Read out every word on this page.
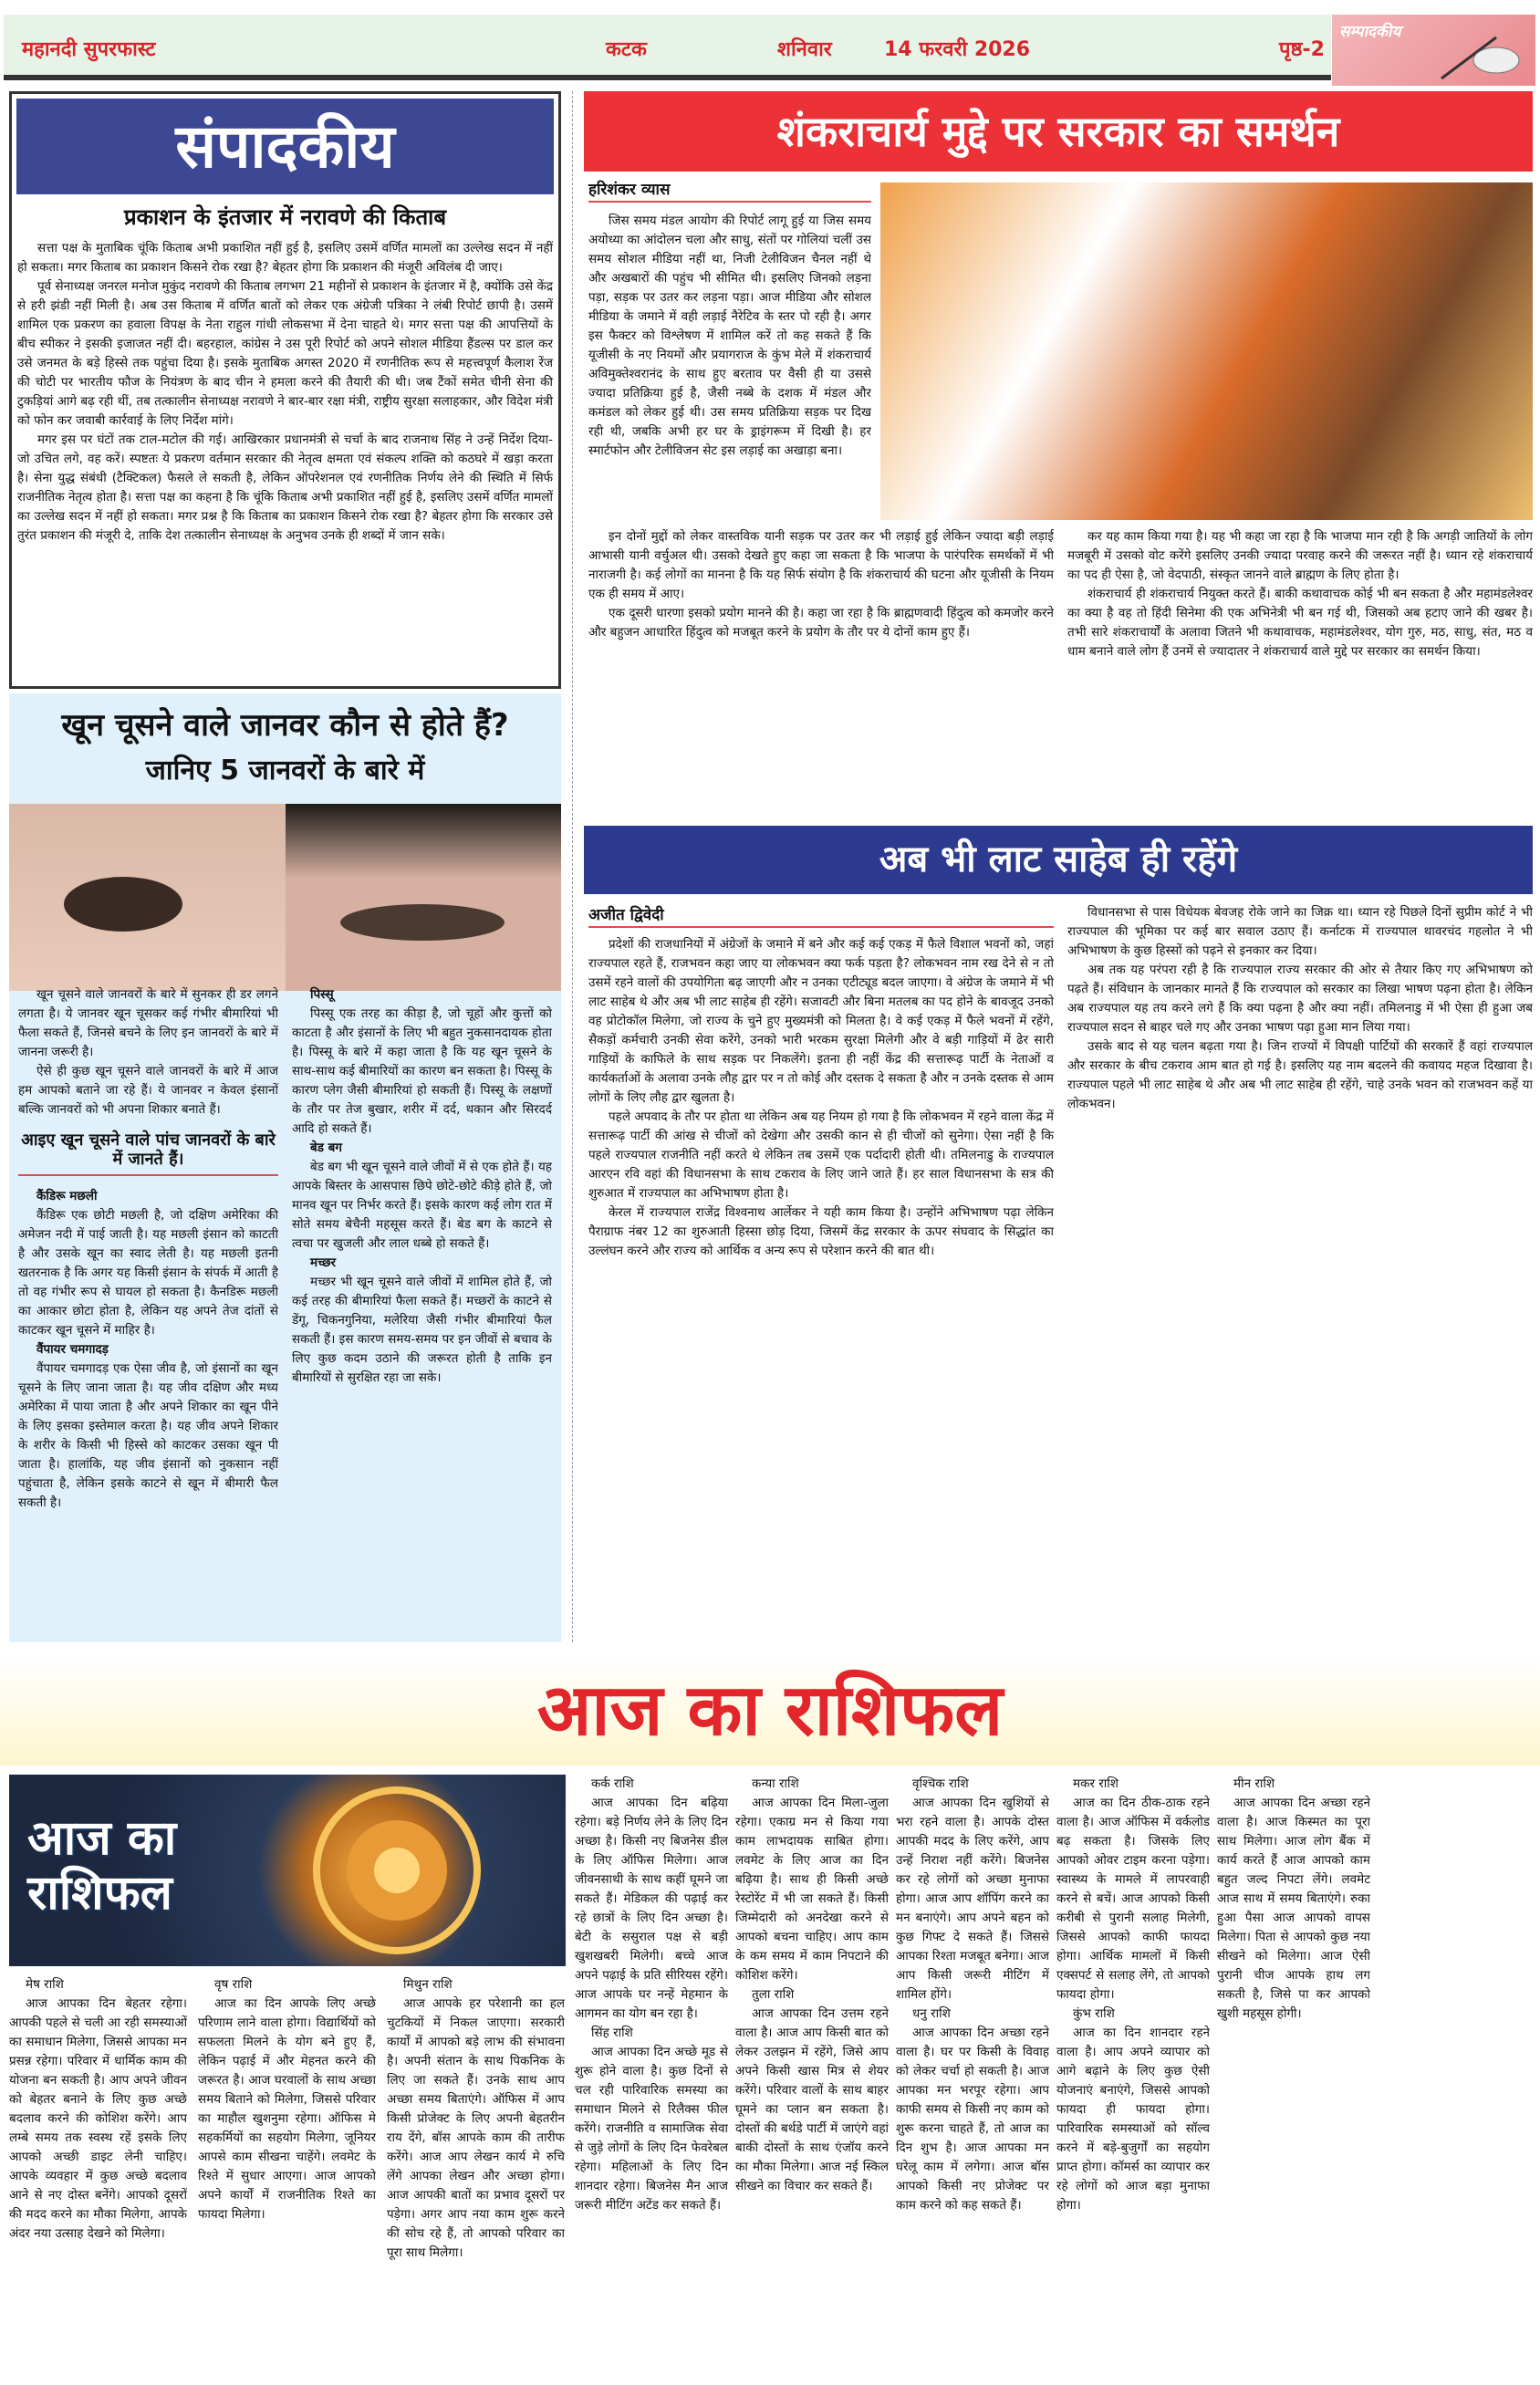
महानदी सुपरफास्ट	कटक	शनिवार	14 फरवरी 2026	पृष्ठ-2
सम्पादकीय
संपादकीय
प्रकाशन के इंतजार में नरावणे की किताब

सत्ता पक्ष के मुताबिक चूंकि किताब अभी प्रकाशित नहीं हुई है, इसलिए उसमें वर्णित मामलों का उल्लेख सदन में नहीं हो सकता। मगर किताब का प्रकाशन किसने रोक रखा है? बेहतर होगा कि प्रकाशन की मंजूरी अविलंब दी जाए।

पूर्व सेनाध्यक्ष जनरल मनोज मुकुंद नरावणे की किताब लगभग 21 महीनों से प्रकाशन के इंतजार में है, क्योंकि उसे केंद्र से हरी झंडी नहीं मिली है। अब उस किताब में वर्णित बातों को लेकर एक अंग्रेजी पत्रिका ने लंबी रिपोर्ट छापी है। उसमें शामिल एक प्रकरण का हवाला विपक्ष के नेता राहुल गांधी लोकसभा में देना चाहते थे। मगर सत्ता पक्ष की आपत्तियों के बीच स्पीकर ने इसकी इजाजत नहीं दी। बहरहाल, कांग्रेस ने उस पूरी रिपोर्ट को अपने सोशल मीडिया हैंडल्स पर डाल कर उसे जनमत के बड़े हिस्से तक पहुंचा दिया है। इसके मुताबिक अगस्त 2020 में रणनीतिक रूप से महत्त्वपूर्ण कैलाश रेंज की चोटी पर भारतीय फौज के नियंत्रण के बाद चीन ने हमला करने की तैयारी की थी। जब टैंकों समेत चीनी सेना की टुकड़ियां आगे बढ़ रही थीं, तब तत्कालीन सेनाध्यक्ष नरावणे ने बार-बार रक्षा मंत्री, राष्ट्रीय सुरक्षा सलाहकार, और विदेश मंत्री को फोन कर जवाबी कार्रवाई के लिए निर्देश मांगे।

मगर इस पर घंटों तक टाल-मटोल की गई। आखिरकार प्रधानमंत्री से चर्चा के बाद राजनाथ सिंह ने उन्हें निर्देश दिया- जो उचित लगे, वह करें। स्पष्टतः ये प्रकरण वर्तमान सरकार की नेतृत्व क्षमता एवं संकल्प शक्ति को कठघरे में खड़ा करता है। सेना युद्ध संबंधी (टैक्टिकल) फैसले ले सकती है, लेकिन ऑपरेशनल एवं रणनीतिक निर्णय लेने की स्थिति में सिर्फ राजनीतिक नेतृत्व होता है। सत्ता पक्ष का कहना है कि चूंकि किताब अभी प्रकाशित नहीं हुई है, इसलिए उसमें वर्णित मामलों का उल्लेख सदन में नहीं हो सकता। मगर प्रश्न है कि किताब का प्रकाशन किसने रोक रखा है? बेहतर होगा कि सरकार उसे तुरंत प्रकाशन की मंजूरी दे, ताकि देश तत्कालीन सेनाध्यक्ष के अनुभव उनके ही शब्दों में जान सके।

खून चूसने वाले जानवर कौन से होते हैं?
जानिए 5 जानवरों के बारे में

खून चूसने वाले जानवरों के बारे में सुनकर ही डर लगने लगता है। ये जानवर खून चूसकर कई गंभीर बीमारियां भी फैला सकते हैं, जिनसे बचने के लिए इन जानवरों के बारे में जानना जरूरी है।

ऐसे ही कुछ खून चूसने वाले जानवरों के बारे में आज हम आपको बताने जा रहे हैं। ये जानवर न केवल इंसानों बल्कि जानवरों को भी अपना शिकार बनाते हैं।

आइए खून चूसने वाले पांच जानवरों के बारे में जानते हैं।
कैंडिरू मछली

कैंडिरू एक छोटी मछली है, जो दक्षिण अमेरिका की अमेजन नदी में पाई जाती है। यह मछली इंसान को काटती है और उसके खून का स्वाद लेती है। यह मछली इतनी खतरनाक है कि अगर यह किसी इंसान के संपर्क में आती है तो वह गंभीर रूप से घायल हो सकता है। कैनडिरू मछली का आकार छोटा होता है, लेकिन यह अपने तेज दांतों से काटकर खून चूसने में माहिर है।

वैंपायर चमगादड़

वैंपायर चमगादड़ एक ऐसा जीव है, जो इंसानों का खून चूसने के लिए जाना जाता है। यह जीव दक्षिण और मध्य अमेरिका में पाया जाता है और अपने शिकार का खून पीने के लिए इसका इस्तेमाल करता है। यह जीव अपने शिकार के शरीर के किसी भी हिस्से को काटकर उसका खून पी जाता है। हालांकि, यह जीव इंसानों को नुकसान नहीं पहुंचाता है, लेकिन इसके काटने से खून में बीमारी फैल सकती है।

पिस्सू

पिस्सू एक तरह का कीड़ा है, जो चूहों और कुत्तों को काटता है और इंसानों के लिए भी बहुत नुकसानदायक होता है। पिस्सू के बारे में कहा जाता है कि यह खून चूसने के साथ-साथ कई बीमारियों का कारण बन सकता है। पिस्सू के कारण प्लेग जैसी बीमारियां हो सकती हैं। पिस्सू के लक्षणों के तौर पर तेज बुखार, शरीर में दर्द, थकान और सिरदर्द आदि हो सकते हैं।

बेड बग

बेड बग भी खून चूसने वाले जीवों में से एक होते हैं। यह आपके बिस्तर के आसपास छिपे छोटे-छोटे कीड़े होते हैं, जो मानव खून पर निर्भर करते हैं। इसके कारण कई लोग रात में सोते समय बेचैनी महसूस करते हैं। बेड बग के काटने से त्वचा पर खुजली और लाल धब्बे हो सकते हैं।

मच्छर

मच्छर भी खून चूसने वाले जीवों में शामिल होते हैं, जो कई तरह की बीमारियां फैला सकते हैं। मच्छरों के काटने से डेंगू, चिकनगुनिया, मलेरिया जैसी गंभीर बीमारियां फैल सकती हैं। इस कारण समय-समय पर इन जीवों से बचाव के लिए कुछ कदम उठाने की जरूरत होती है ताकि इन बीमारियों से सुरक्षित रहा जा सके।

शंकराचार्य मुद्दे पर सरकार का समर्थन
हरिशंकर व्यास

जिस समय मंडल आयोग की रिपोर्ट लागू हुई या जिस समय अयोध्या का आंदोलन चला और साधु, संतों पर गोलियां चलीं उस समय सोशल मीडिया नहीं था, निजी टेलीविजन चैनल नहीं थे और अखबारों की पहुंच भी सीमित थी। इसलिए जिनको लड़ना पड़ा, सड़क पर उतर कर लड़ना पड़ा। आज मीडिया और सोशल मीडिया के जमाने में वही लड़ाई नैरेटिव के स्तर पो रही है। अगर इस फैक्टर को विश्लेषण में शामिल करें तो कह सकते हैं कि यूजीसी के नए नियमों और प्रयागराज के कुंभ मेले में शंकराचार्य अविमुक्तेश्वरानंद के साथ हुए बरताव पर वैसी ही या उससे ज्यादा प्रतिक्रिया हुई है, जैसी नब्बे के दशक में मंडल और कमंडल को लेकर हुई थी। उस समय प्रतिक्रिया सड़क पर दिख रही थी, जबकि अभी हर घर के ड्राइंगरूम में दिखी है। हर स्मार्टफोन और टेलीविजन सेट इस लड़ाई का अखाड़ा बना।

इन दोनों मुद्दों को लेकर वास्तविक यानी सड़क पर उतर कर भी लड़ाई हुई लेकिन ज्यादा बड़ी लड़ाई आभासी यानी वर्चुअल थी। उसको देखते हुए कहा जा सकता है कि भाजपा के पारंपरिक समर्थकों में भी नाराजगी है। कई लोगों का मानना है कि यह सिर्फ संयोग है कि शंकराचार्य की घटना और यूजीसी के नियम एक ही समय में आए।

एक दूसरी धारणा इसको प्रयोग मानने की है। कहा जा रहा है कि ब्राह्मणवादी हिंदुत्व को कमजोर करने और बहुजन आधारित हिंदुत्व को मजबूत करने के प्रयोग के तौर पर ये दोनों काम हुए हैं।

कर यह काम किया गया है। यह भी कहा जा रहा है कि भाजपा मान रही है कि अगड़ी जातियों के लोग मजबूरी में उसको वोट करेंगे इसलिए उनकी ज्यादा परवाह करने की जरूरत नहीं है। ध्यान रहे शंकराचार्य का पद ही ऐसा है, जो वेदपाठी, संस्कृत जानने वाले ब्राह्मण के लिए होता है।

शंकराचार्य ही शंकराचार्य नियुक्त करते हैं। बाकी कथावाचक कोई भी बन सकता है और महामंडलेश्वर का क्या है वह तो हिंदी सिनेमा की एक अभिनेत्री भी बन गई थी, जिसको अब हटाए जाने की खबर है। तभी सारे शंकराचार्यों के अलावा जितने भी कथावाचक, महामंडलेश्वर, योग गुरु, मठ, साधु, संत, मठ व धाम बनाने वाले लोग हैं उनमें से ज्यादातर ने शंकराचार्य वाले मुद्दे पर सरकार का समर्थन किया।

अब भी लाट साहेब ही रहेंगे
अजीत द्विवेदी

प्रदेशों की राजधानियों में अंग्रेजों के जमाने में बने और कई कई एकड़ में फैले विशाल भवनों को, जहां राज्यपाल रहते हैं, राजभवन कहा जाए या लोकभवन क्या फर्क पड़ता है? लोकभवन नाम रख देने से न तो उसमें रहने वालों की उपयोगिता बढ़ जाएगी और न उनका एटीट्यूड बदल जाएगा। वे अंग्रेज के जमाने में भी लाट साहेब थे और अब भी लाट साहेब ही रहेंगे। सजावटी और बिना मतलब का पद होने के बावजूद उनको वह प्रोटोकॉल मिलेगा, जो राज्य के चुने हुए मुख्यमंत्री को मिलता है। वे कई एकड़ में फैले भवनों में रहेंगे, सैकड़ों कर्मचारी उनकी सेवा करेंगे, उनको भारी भरकम सुरक्षा मिलेगी और वे बड़ी गाड़ियों में ढेर सारी गाड़ियों के काफिले के साथ सड़क पर निकलेंगे। इतना ही नहीं केंद्र की सत्तारूढ़ पार्टी के नेताओं व कार्यकर्ताओं के अलावा उनके लौह द्वार पर न तो कोई और दस्तक दे सकता है और न उनके दस्तक से आम लोगों के लिए लौह द्वार खुलता है।

पहले अपवाद के तौर पर होता था लेकिन अब यह नियम हो गया है कि लोकभवन में रहने वाला केंद्र में सत्तारूढ़ पार्टी की आंख से चीजों को देखेगा और उसकी कान से ही चीजों को सुनेगा। ऐसा नहीं है कि पहले राज्यपाल राजनीति नहीं करते थे लेकिन तब उसमें एक पर्दादारी होती थी। तमिलनाडु के राज्यपाल आरएन रवि वहां की विधानसभा के साथ टकराव के लिए जाने जाते हैं। हर साल विधानसभा के सत्र की शुरुआत में राज्यपाल का अभिभाषण होता है।

केरल में राज्यपाल राजेंद्र विश्वनाथ आर्लेकर ने यही काम किया है। उन्होंने अभिभाषण पढ़ा लेकिन पैराग्राफ नंबर 12 का शुरुआती हिस्सा छोड़ दिया, जिसमें केंद्र सरकार के ऊपर संघवाद के सिद्धांत का उल्लंघन करने और राज्य को आर्थिक व अन्य रूप से परेशान करने की बात थी।

विधानसभा से पास विधेयक बेवजह रोके जाने का जिक्र था। ध्यान रहे पिछले दिनों सुप्रीम कोर्ट ने भी राज्यपाल की भूमिका पर कई बार सवाल उठाए हैं। कर्नाटक में राज्यपाल थावरचंद गहलोत ने भी अभिभाषण के कुछ हिस्सों को पढ़ने से इनकार कर दिया।

अब तक यह परंपरा रही है कि राज्यपाल राज्य सरकार की ओर से तैयार किए गए अभिभाषण को पढ़ते हैं। संविधान के जानकार मानते हैं कि राज्यपाल को सरकार का लिखा भाषण पढ़ना होता है। लेकिन अब राज्यपाल यह तय करने लगे हैं कि क्या पढ़ना है और क्या नहीं। तमिलनाडु में भी ऐसा ही हुआ जब राज्यपाल सदन से बाहर चले गए और उनका भाषण पढ़ा हुआ मान लिया गया।

उसके बाद से यह चलन बढ़ता गया है। जिन राज्यों में विपक्षी पार्टियों की सरकारें हैं वहां राज्यपाल और सरकार के बीच टकराव आम बात हो गई है। इसलिए यह नाम बदलने की कवायद महज दिखावा है। राज्यपाल पहले भी लाट साहेब थे और अब भी लाट साहेब ही रहेंगे, चाहे उनके भवन को राजभवन कहें या लोकभवन।

आज का राशिफल
आज का राशिफल
मेष राशि

आज आपका दिन बेहतर रहेगा। आपकी पहले से चली आ रही समस्याओं का समाधान मिलेगा, जिससे आपका मन प्रसन्न रहेगा। परिवार में धार्मिक काम की योजना बन सकती है। आप अपने जीवन को बेहतर बनाने के लिए कुछ अच्छे बदलाव करने की कोशिश करेंगे। आप लम्बे समय तक स्वस्थ रहें इसके लिए आपको अच्छी डाइट लेनी चाहिए। आपके व्यवहार में कुछ अच्छे बदलाव आने से नए दोस्त बनेंगे। आपको दूसरों की मदद करने का मौका मिलेगा, आपके अंदर नया उत्साह देखने को मिलेगा।

वृष राशि

आज का दिन आपके लिए अच्छे परिणाम लाने वाला होगा। विद्यार्थियों को सफलता मिलने के योग बने हुए हैं, लेकिन पढ़ाई में और मेहनत करने की जरूरत है। आज घरवालों के साथ अच्छा समय बिताने को मिलेगा, जिससे परिवार का माहौल खुशनुमा रहेगा। ऑफिस मे सहकर्मियों का सहयोग मिलेगा, जूनियर आपसे काम सीखना चाहेंगे। लवमेट के रिश्ते में सुधार आएगा। आज आपको अपने कार्यों में राजनीतिक रिश्ते का फायदा मिलेगा।

मिथुन राशि

आज आपके हर परेशानी का हल चुटकियों में निकल जाएगा। सरकारी कार्यों में आपको बड़े लाभ की संभावना है। अपनी संतान के साथ पिकनिक के लिए जा सकते हैं। उनके साथ आप अच्छा समय बिताएंगे। ऑफिस में आप किसी प्रोजेक्ट के लिए अपनी बेहतरीन राय देंगे, बॉस आपके काम की तारीफ करेंगे। आज आप लेखन कार्य मे रुचि लेंगे आपका लेखन और अच्छा होगा। आज आपकी बातों का प्रभाव दूसरों पर पड़ेगा। अगर आप नया काम शुरू करने की सोच रहे हैं, तो आपको परिवार का पूरा साथ मिलेगा।

कर्क राशि

आज आपका दिन बढ़िया रहेगा। बड़े निर्णय लेने के लिए दिन अच्छा है। किसी नए बिजनेस डील के लिए ऑफिस मिलेगा। आज जीवनसाथी के साथ कहीं घूमने जा सकते हैं। मेडिकल की पढ़ाई कर रहे छात्रों के लिए दिन अच्छा है। बेटी के ससुराल पक्ष से बड़ी खुशखबरी मिलेगी। बच्चे आज अपने पढ़ाई के प्रति सीरियस रहेंगे। आज आपके घर नन्हें मेहमान के आगमन का योग बन रहा है।

सिंह राशि

आज आपका दिन अच्छे मूड से शुरू होने वाला है। कुछ दिनों से चल रही पारिवारिक समस्या का समाधान मिलने से रिलैक्स फील करेंगे। राजनीति व सामाजिक सेवा से जुड़े लोगों के लिए दिन फेवरेबल रहेगा। महिलाओं के लिए दिन शानदार रहेगा। बिजनेस मैन आज जरूरी मीटिंग अटेंड कर सकते हैं।

कन्या राशि

आज आपका दिन मिला-जुला रहेगा। एकाग्र मन से किया गया काम लाभदायक साबित होगा। लवमेट के लिए आज का दिन बढ़िया है। साथ ही किसी अच्छे रेस्टोरेंट में भी जा सकते हैं। किसी जिम्मेदारी को अनदेखा करने से आपको बचना चाहिए। आप काम के कम समय में काम निपटाने की कोशिश करेंगे।

तुला राशि

आज आपका दिन उत्तम रहने वाला है। आज आप किसी बात को लेकर उलझन में रहेंगे, जिसे आप अपने किसी खास मित्र से शेयर करेंगे। परिवार वालों के साथ बाहर घूमने का प्लान बन सकता है। दोस्तों की बर्थडे पार्टी में जाएंगे वहां बाकी दोस्तों के साथ एंजॉय करने का मौका मिलेगा। आज नई स्किल सीखने का विचार कर सकते हैं।

वृश्चिक राशि

आज आपका दिन खुशियों से भरा रहने वाला है। आपके दोस्त आपकी मदद के लिए करेंगे, आप उन्हें निराश नहीं करेंगे। बिजनेस कर रहे लोगों को अच्छा मुनाफा होगा। आज आप शॉपिंग करने का मन बनाएंगे। आप अपने बहन को कुछ गिफ्ट दे सकते हैं। जिससे आपका रिश्ता मजबूत बनेगा। आज आप किसी जरूरी मीटिंग में शामिल होंगे।

धनु राशि

आज आपका दिन अच्छा रहने वाला है। घर पर किसी के विवाह को लेकर चर्चा हो सकती है। आज आपका मन भरपूर रहेगा। आप काफी समय से किसी नए काम को शुरू करना चाहते हैं, तो आज का दिन शुभ है। आज आपका मन घरेलू काम में लगेगा। आज बॉस आपको किसी नए प्रोजेक्ट पर काम करने को कह सकते हैं।

मकर राशि

आज का दिन ठीक-ठाक रहने वाला है। आज ऑफिस में वर्कलोड बढ़ सकता है। जिसके लिए आपको ओवर टाइम करना पड़ेगा। स्वास्थ्य के मामले में लापरवाही करने से बचें। आज आपको किसी करीबी से पुरानी सलाह मिलेगी, जिससे आपको काफी फायदा होगा। आर्थिक मामलों में किसी एक्सपर्ट से सलाह लेंगे, तो आपको फायदा होगा।

कुंभ राशि

आज का दिन शानदार रहने वाला है। आप अपने व्यापार को आगे बढ़ाने के लिए कुछ ऐसी योजनाएं बनाएंगे, जिससे आपको फायदा ही फायदा होगा। पारिवारिक समस्याओं को सॉल्व करने में बड़े-बुजुर्गों का सहयोग प्राप्त होगा। कॉमर्स का व्यापार कर रहे लोगों को आज बड़ा मुनाफा होगा।

मीन राशि

आज आपका दिन अच्छा रहने वाला है। आज किस्मत का पूरा साथ मिलेगा। आज लोग बैंक में कार्य करते हैं आज आपको काम बहुत जल्द निपटा लेंगे। लवमेट आज साथ में समय बिताएंगे। रुका हुआ पैसा आज आपको वापस मिलेगा। पिता से आपको कुछ नया सीखने को मिलेगा। आज ऐसी पुरानी चीज आपके हाथ लग सकती है, जिसे पा कर आपको खुशी महसूस होगी।
